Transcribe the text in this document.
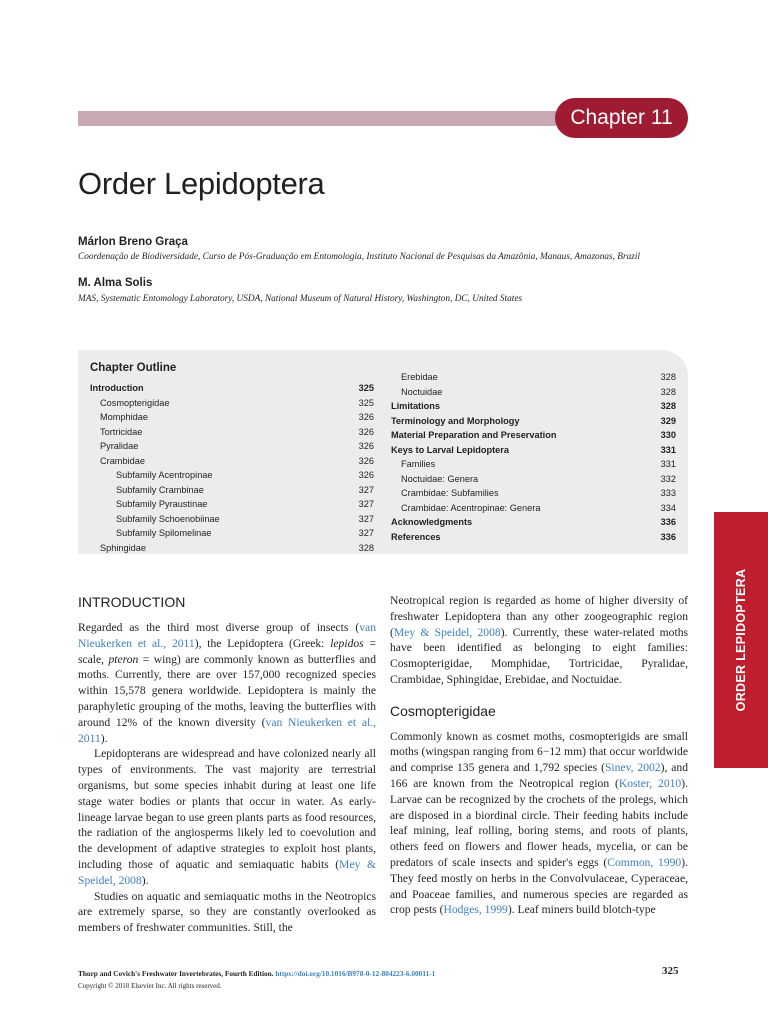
Chapter 11
Order Lepidoptera
Márlon Breno Graça
Coordenação de Biodiversidade, Curso de Pós-Graduação em Entomologia, Instituto Nacional de Pesquisas da Amazônia, Manaus, Amazonas, Brazil
M. Alma Solis
MAS, Systematic Entomology Laboratory, USDA, National Museum of Natural History, Washington, DC, United States
Chapter Outline
Introduction	325
Cosmopterigidae	325
Momphidae	326
Tortricidae	326
Pyralidae	326
Crambidae	326
Subfamily Acentropinae	326
Subfamily Crambinae	327
Subfamily Pyraustinae	327
Subfamily Schoenobiinae	327
Subfamily Spilomelinae	327
Sphingidae	328
Erebidae	328
Noctuidae	328
Limitations	328
Terminology and Morphology	329
Material Preparation and Preservation	330
Keys to Larval Lepidoptera	331
Families	331
Noctuidae: Genera	332
Crambidae: Subfamilies	333
Crambidae: Acentropinae: Genera	334
Acknowledgments	336
References	336
ORDER LEPIDOPTERA
INTRODUCTION

Regarded as the third most diverse group of insects (van Nieukerken et al., 2011), the Lepidoptera (Greek: lepidos = scale, pteron = wing) are commonly known as butterflies and moths. Currently, there are over 157,000 recognized species within 15,578 genera worldwide. Lepidoptera is mainly the paraphyletic grouping of the moths, leaving the butterflies with around 12% of the known diversity (van Nieukerken et al., 2011).

Lepidopterans are widespread and have colonized nearly all types of environments. The vast majority are terrestrial organisms, but some species inhabit during at least one life stage water bodies or plants that occur in water. As early-lineage larvae began to use green plants parts as food resources, the radiation of the angiosperms likely led to coevolution and the development of adaptive strategies to exploit host plants, including those of aquatic and semiaquatic habits (Mey & Speidel, 2008).

Studies on aquatic and semiaquatic moths in the Neotropics are extremely sparse, so they are constantly overlooked as members of freshwater communities. Still, the

Neotropical region is regarded as home of higher diversity of freshwater Lepidoptera than any other zoogeographic region (Mey & Speidel, 2008). Currently, these water-related moths have been identified as belonging to eight families: Cosmopterigidae, Momphidae, Tortricidae, Pyralidae, Crambidae, Sphingidae, Erebidae, and Noctuidae.

Cosmopterigidae

Commonly known as cosmet moths, cosmopterigids are small moths (wingspan ranging from 6−12 mm) that occur worldwide and comprise 135 genera and 1,792 species (Sinev, 2002), and 166 are known from the Neotropical region (Koster, 2010). Larvae can be recognized by the crochets of the prolegs, which are disposed in a biordinal circle. Their feeding habits include leaf mining, leaf rolling, boring stems, and roots of plants, others feed on flowers and flower heads, mycelia, or can be predators of scale insects and spider's eggs (Common, 1990). They feed mostly on herbs in the Convolvulaceae, Cyperaceae, and Poaceae families, and numerous species are regarded as crop pests (Hodges, 1999). Leaf miners build blotch-type

Thorp and Covich's Freshwater Invertebrates, Fourth Edition. https://doi.org/10.1016/B978-0-12-804223-6.00011-1
Copyright © 2018 Elsevier Inc. All rights reserved.
325
